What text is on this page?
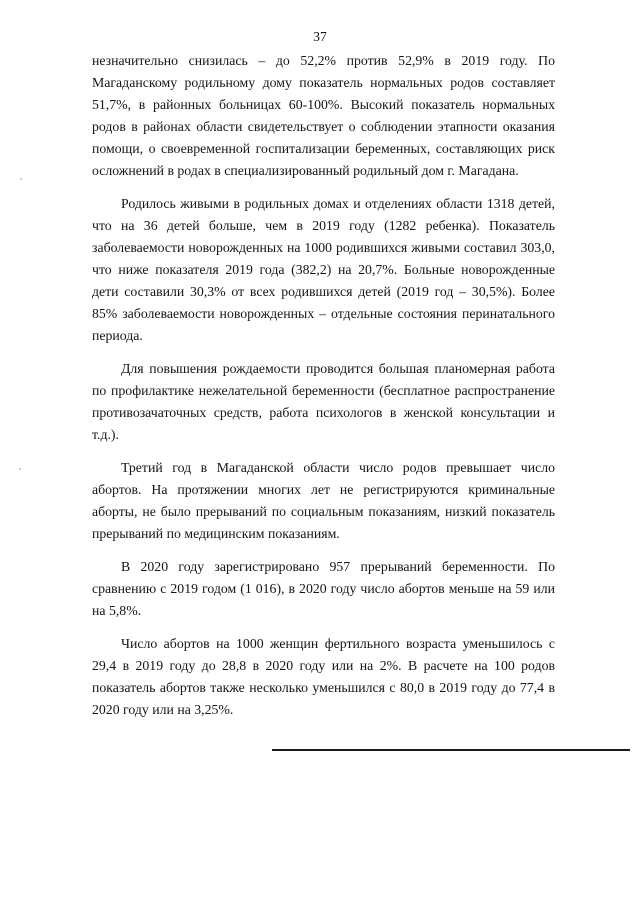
37

незначительно снизилась – до 52,2% против 52,9% в 2019 году. По Магаданскому родильному дому показатель нормальных родов составляет 51,7%, в районных больницах 60-100%. Высокий показатель нормальных родов в районах области свидетельствует о соблюдении этапности оказания помощи, о своевременной госпитализации беременных, составляющих риск осложнений в родах в специализированный родильный дом г. Магадана.

Родилось живыми в родильных домах и отделениях области 1318 детей, что на 36 детей больше, чем в 2019 году (1282 ребенка). Показатель заболеваемости новорожденных на 1000 родившихся живыми составил 303,0, что ниже показателя 2019 года (382,2) на 20,7%. Больные новорожденные дети составили 30,3% от всех родившихся детей (2019 год – 30,5%). Более 85% заболеваемости новорожденных – отдельные состояния перинатального периода.

Для повышения рождаемости проводится большая планомерная работа по профилактике нежелательной беременности (бесплатное распространение противозачаточных средств, работа психологов в женской консультации и т.д.).

Третий год в Магаданской области число родов превышает число абортов. На протяжении многих лет не регистрируются криминальные аборты, не было прерываний по социальным показаниям, низкий показатель прерываний по медицинским показаниям.

В 2020 году зарегистрировано 957 прерываний беременности. По сравнению с 2019 годом (1 016), в 2020 году число абортов меньше на 59 или на 5,8%.

Число абортов на 1000 женщин фертильного возраста уменьшилось с 29,4 в 2019 году до 28,8 в 2020 году или на 2%. В расчете на 100 родов показатель абортов также несколько уменьшился с 80,0 в 2019 году до 77,4 в 2020 году или на 3,25%.
